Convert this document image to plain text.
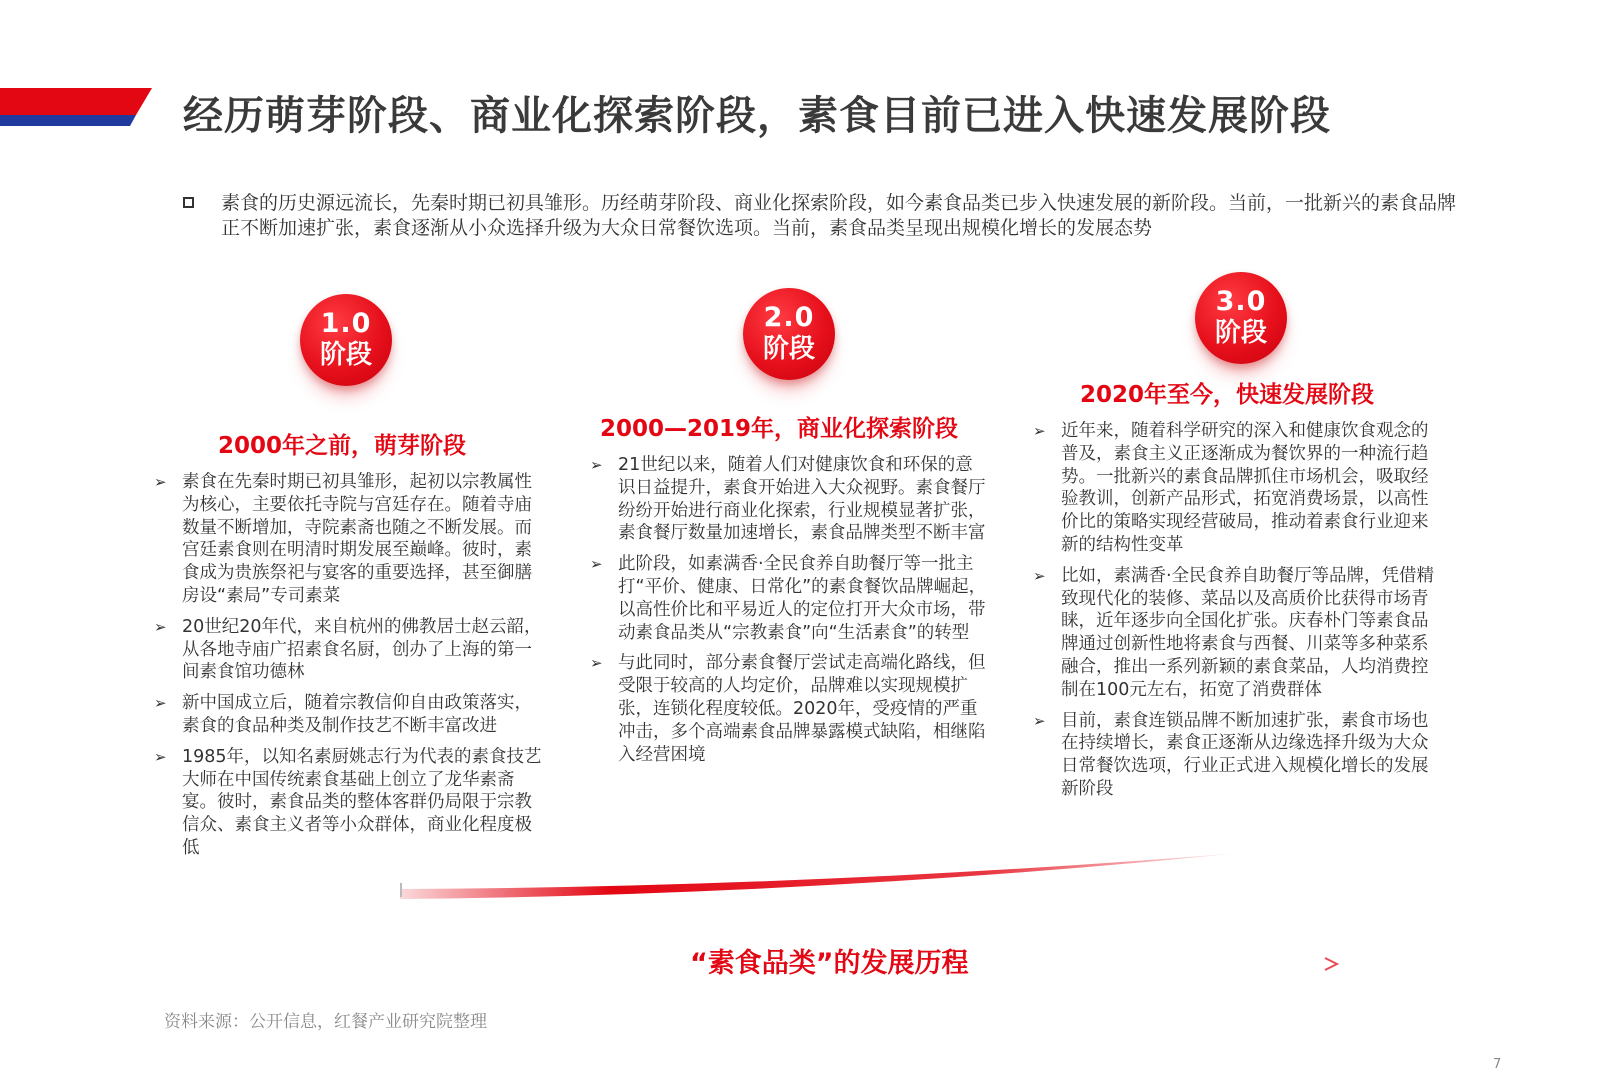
经历萌芽阶段、商业化探索阶段，素食目前已进入快速发展阶段

素食的历史源远流长，先秦时期已初具雏形。历经萌芽阶段、商业化探索阶段，如今素食品类已步入快速发展的新阶段。当前，一批新兴的素食品牌正不断加速扩张，素食逐渐从小众选择升级为大众日常餐饮选项。当前，素食品类呈现出规模化增长的发展态势

1.0
阶段
2000年之前，萌芽阶段
➢ 素食在先秦时期已初具雏形，起初以宗教属性为核心，主要依托寺院与宫廷存在。随着寺庙数量不断增加，寺院素斋也随之不断发展。而宫廷素食则在明清时期发展至巅峰。彼时，素食成为贵族祭祀与宴客的重要选择，甚至御膳房设“素局”专司素菜
➢ 20世纪20年代，来自杭州的佛教居士赵云韶，从各地寺庙广招素食名厨，创办了上海的第一间素食馆功德林
➢ 新中国成立后，随着宗教信仰自由政策落实，素食的食品种类及制作技艺不断丰富改进
➢ 1985年，以知名素厨姚志行为代表的素食技艺大师在中国传统素食基础上创立了龙华素斋宴。彼时，素食品类的整体客群仍局限于宗教信众、素食主义者等小众群体，商业化程度极低
2.0
阶段
2000—2019年，商业化探索阶段
➢ 21世纪以来，随着人们对健康饮食和环保的意识日益提升，素食开始进入大众视野。素食餐厅纷纷开始进行商业化探索，行业规模显著扩张，素食餐厅数量加速增长，素食品牌类型不断丰富
➢ 此阶段，如素满香·全民食养自助餐厅等一批主打“平价、健康、日常化”的素食餐饮品牌崛起，以高性价比和平易近人的定位打开大众市场，带动素食品类从“宗教素食”向“生活素食”的转型
➢ 与此同时，部分素食餐厅尝试走高端化路线，但受限于较高的人均定价，品牌难以实现规模扩张，连锁化程度较低。2020年，受疫情的严重冲击，多个高端素食品牌暴露模式缺陷，相继陷入经营困境
3.0
阶段
2020年至今，快速发展阶段
➢ 近年来，随着科学研究的深入和健康饮食观念的普及，素食主义正逐渐成为餐饮界的一种流行趋势。一批新兴的素食品牌抓住市场机会，吸取经验教训，创新产品形式，拓宽消费场景，以高性价比的策略实现经营破局，推动着素食行业迎来新的结构性变革
➢ 比如，素满香·全民食养自助餐厅等品牌，凭借精致现代化的装修、菜品以及高质价比获得市场青睐，近年逐步向全国化扩张。庆春朴门等素食品牌通过创新性地将素食与西餐、川菜等多种菜系融合，推出一系列新颖的素食菜品，人均消费控制在100元左右，拓宽了消费群体
➢ 目前，素食连锁品牌不断加速扩张，素食市场也在持续增长，素食正逐渐从边缘选择升级为大众日常餐饮选项，行业正式进入规模化增长的发展新阶段

“素食品类”的发展历程

资料来源：公开信息，红餐产业研究院整理

7
